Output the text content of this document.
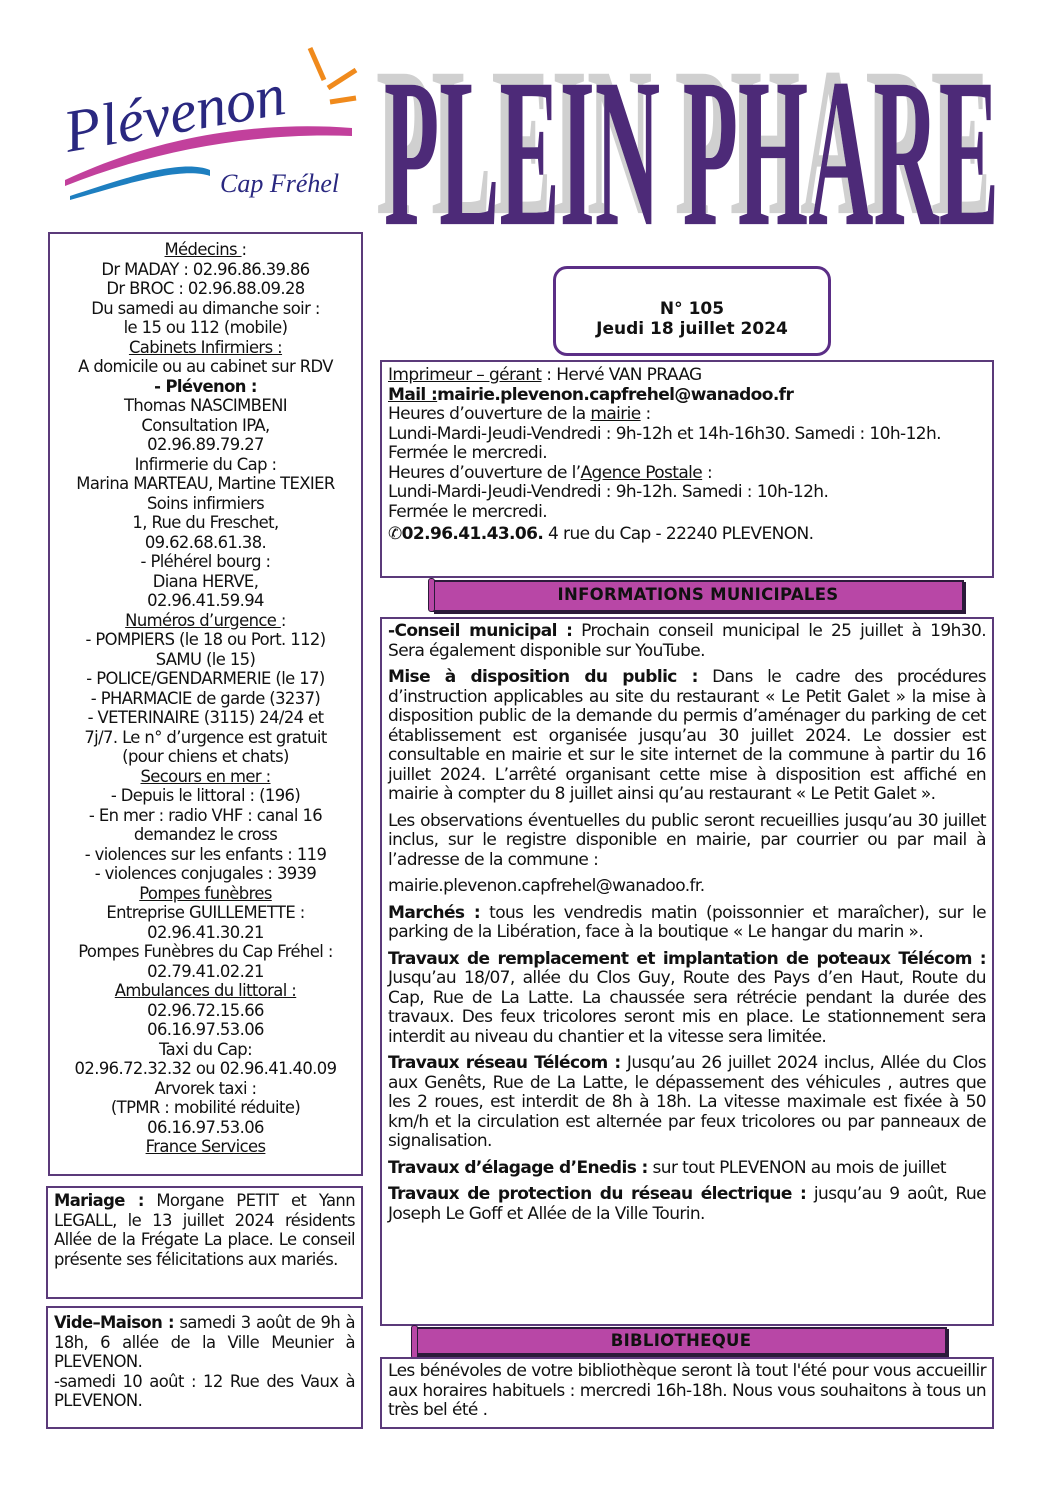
Plévenon
Cap Fréhel PLEIN PHARE
N° 105
Jeudi 18 juillet 2024
Médecins :
Dr MADAY : 02.96.86.39.86
Dr BROC : 02.96.88.09.28
Du samedi au dimanche soir :
le 15 ou 112 (mobile)
Cabinets Infirmiers :
A domicile ou au cabinet sur RDV
- Plévenon :
Thomas NASCIMBENI
Consultation IPA,
02.96.89.79.27
Infirmerie du Cap :
Marina MARTEAU, Martine TEXIER
Soins infirmiers
1, Rue du Freschet,
09.62.68.61.38.
- Pléhérel bourg :
Diana HERVE,
02.96.41.59.94
Numéros d’urgence :
- POMPIERS (le 18 ou Port. 112)
SAMU (le 15)
- POLICE/GENDARMERIE (le 17)
- PHARMACIE de garde (3237)
- VETERINAIRE (3115) 24/24 et
7j/7. Le n° d’urgence est gratuit
(pour chiens et chats)
Secours en mer :
- Depuis le littoral : (196)
- En mer : radio VHF : canal 16
demandez le cross
- violences sur les enfants : 119
- violences conjugales : 3939
Pompes funèbres
Entreprise GUILLEMETTE :
02.96.41.30.21
Pompes Funèbres du Cap Fréhel :
02.79.41.02.21
Ambulances du littoral :
02.96.72.15.66
06.16.97.53.06
Taxi du Cap:
02.96.72.32.32 ou 02.96.41.40.09
Arvorek taxi :
(TPMR : mobilité réduite)
06.16.97.53.06
France Services
Mariage : Morgane PETIT et Yann LEGALL, le 13 juillet 2024 résidents Allée de la Frégate La place. Le conseil présente ses félicitations aux mariés.
Vide–Maison : samedi 3 août de 9h à 18h, 6 allée de la Ville Meunier à PLEVENON.
-samedi 10 août : 12 Rue des Vaux à PLEVENON.
Imprimeur – gérant : Hervé VAN PRAAG
Mail :mairie.plevenon.capfrehel@wanadoo.fr
Heures d’ouverture de la mairie :
Lundi-Mardi-Jeudi-Vendredi : 9h-12h et 14h-16h30. Samedi : 10h-12h.
Fermée le mercredi.
Heures d’ouverture de l’Agence Postale :
Lundi-Mardi-Jeudi-Vendredi : 9h-12h. Samedi : 10h-12h.
Fermée le mercredi.
✆02.96.41.43.06. 4 rue du Cap - 22240 PLEVENON.
INFORMATIONS MUNICIPALES

-Conseil municipal : Prochain conseil municipal le 25 juillet à 19h30. Sera également disponible sur YouTube.

Mise à disposition du public : Dans le cadre des procédures d’instruction applicables au site du restaurant « Le Petit Galet » la mise à disposition public de la demande du permis d’aménager du parking de cet établissement est organisée jusqu’au 30 juillet 2024. Le dossier est consultable en mairie et sur le site internet de la commune à partir du 16 juillet 2024. L’arrêté organisant cette mise à disposition est affiché en mairie à compter du 8 juillet ainsi qu’au restaurant « Le Petit Galet ».

Les observations éventuelles du public seront recueillies jusqu’au 30 juillet inclus, sur le registre disponible en mairie, par courrier ou par mail à l’adresse de la commune :

mairie.plevenon.capfrehel@wanadoo.fr.

Marchés : tous les vendredis matin (poissonnier et maraîcher), sur le parking de la Libération, face à la boutique « Le hangar du marin ».

Travaux de remplacement et implantation de poteaux Télécom : Jusqu’au 18/07, allée du Clos Guy, Route des Pays d’en Haut, Route du Cap, Rue de La Latte. La chaussée sera rétrécie pendant la durée des travaux. Des feux tricolores seront mis en place. Le stationnement sera interdit au niveau du chantier et la vitesse sera limitée.

Travaux réseau Télécom : Jusqu’au 26 juillet 2024 inclus, Allée du Clos aux Genêts, Rue de La Latte, le dépassement des véhicules , autres que les 2 roues, est interdit de 8h à 18h. La vitesse maximale est fixée à 50 km/h et la circulation est alternée par feux tricolores ou par panneaux de signalisation.

Travaux d’élagage d’Enedis : sur tout PLEVENON au mois de juillet

Travaux de protection du réseau électrique : jusqu’au 9 août, Rue Joseph Le Goff et Allée de la Ville Tourin.

BIBLIOTHEQUE
Les bénévoles de votre bibliothèque seront là tout l'été pour vous accueillir aux horaires habituels : mercredi 16h-18h. Nous vous souhaitons à tous un très bel été .
